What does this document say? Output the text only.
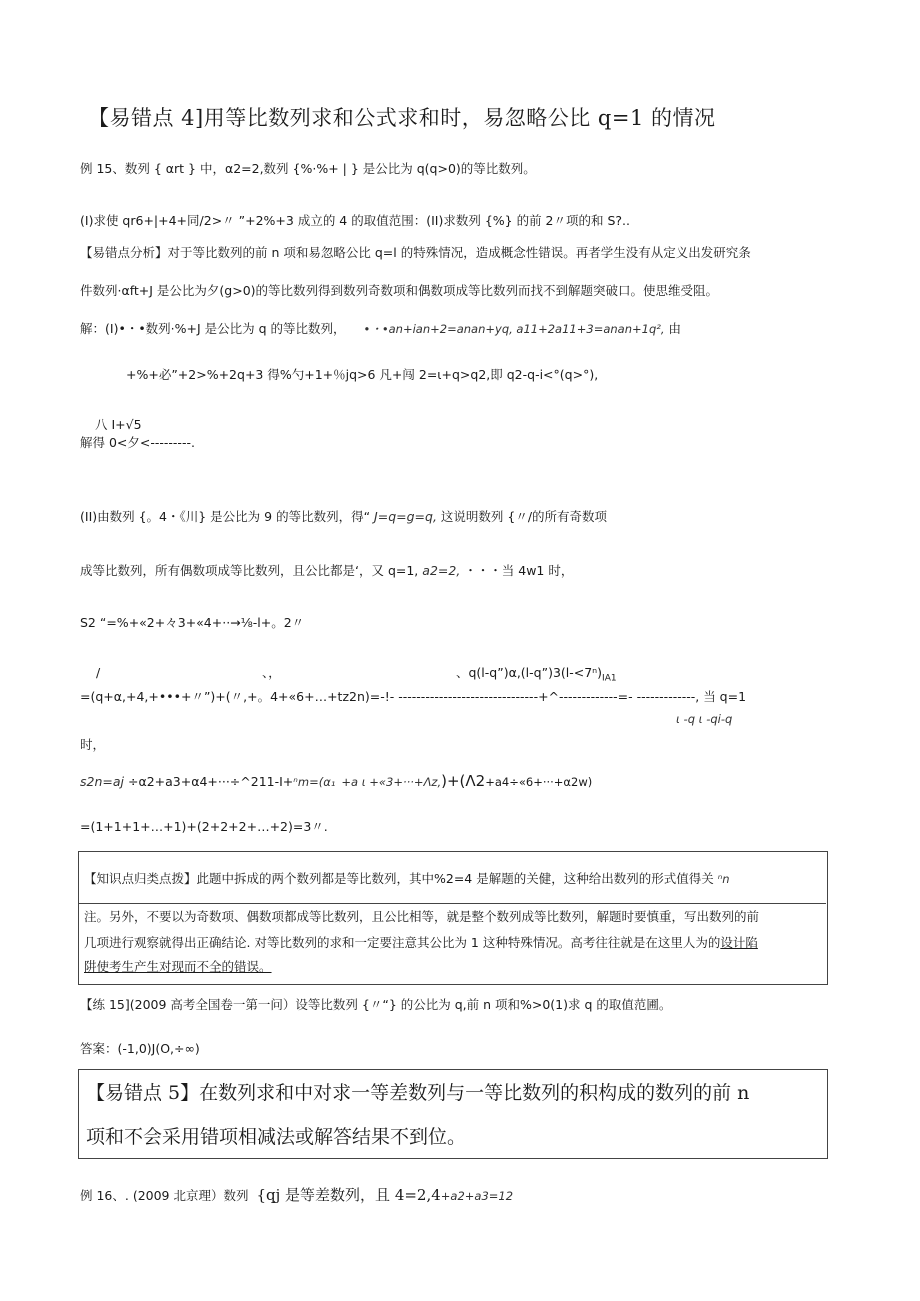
【易错点 4]用等比数列求和公式求和时，易忽略公比 q=1 的情况
例 15、数列 { αrt } 中，α2=2,数列 {%·%+ | } 是公比为 q(q>0)的等比数列。
(I)求使 qr6+|+4+同/2>〃 ”+2%+3 成立的 4 的取值范围：(II)求数列 {%} 的前 2〃项的和 S?..
【易错点分析】对于等比数列的前 n 项和易忽略公比 q=l 的特殊情况，造成概念性错误。再者学生没有从定义出发研究条
件数列·αft+J 是公比为夕(g>0)的等比数列得到数列奇数项和偶数项成等比数列而找不到解题突破口。使思维受阻。
解：(I)•・•数列·%+J 是公比为 q 的等比数列， •・•an+ian+2=anan+yq, a11+2a11+3=anan+1q², 由
+%+必”+2>%+2q+3 得%勺+1+％jq>6 凡+闯 2=ι+q>q2,即 q2-q-i<°(q>°),
八 I+√5
解得 0<夕<---------.
(II)由数列 {。4・《川} 是公比为 9 的等比数列，得“ J=q=g=q, 这说明数列 {〃/的所有奇数项
成等比数列，所有偶数项成等比数列，且公比都是‘，又 q=1, a2=2, ・・・当 4w1 时，
S2 “=%+«2+々3+«4+··→⅛-l+。2〃
/	、，	、$q(l-q”)\alpha,(l-q”)3(l-<7^n)_{IA1}$
=(q+α,+4,+•••+〃”)+(〃,+。4+«6+…+tz2n)=-!- -------------------------------+^-------------=- -------------, 当 q=1
ι -q ι -qi-q
时，
s2n=aj ÷α2+a3+α4+···÷^211-I+ⁿm=(α₁ +a ι +«3+···+Λz,)+(Λ2+a4÷«6+···+α2w)
=(1+1+1+…+1)+(2+2+2+…+2)=3〃.
【知识点归类点拨】此题中拆成的两个数列都是等比数列，其中%2=4 是解题的关健，这种给出数列的形式值得关 ⁿn
注。另外，不要以为奇数项、偶数项都成等比数列，且公比相等，就是整个数列成等比数列，解题时要慎重，写出数列的前
几项进行观察就得出正确结论. 对等比数列的求和一定要注意其公比为 1 这种特殊情况。高考往往就是在这里人为的设计陷
阱使考生产生对现而不全的错误。
【练 15](2009 高考全国卷一第一问）设等比数列 {〃“} 的公比为 q,前 n 项和%>0(1)求 q 的取值范圃。
答案：(-1,0)J(O,÷∞)
【易错点 5】在数列求和中对求一等差数列与一等比数列的积构成的数列的前 n
项和不会采用错项相减法或解答结果不到位。
例 16、. (2009 北京理）数列 {qj 是等差数列，且 4=2,4+a2+a3=12
